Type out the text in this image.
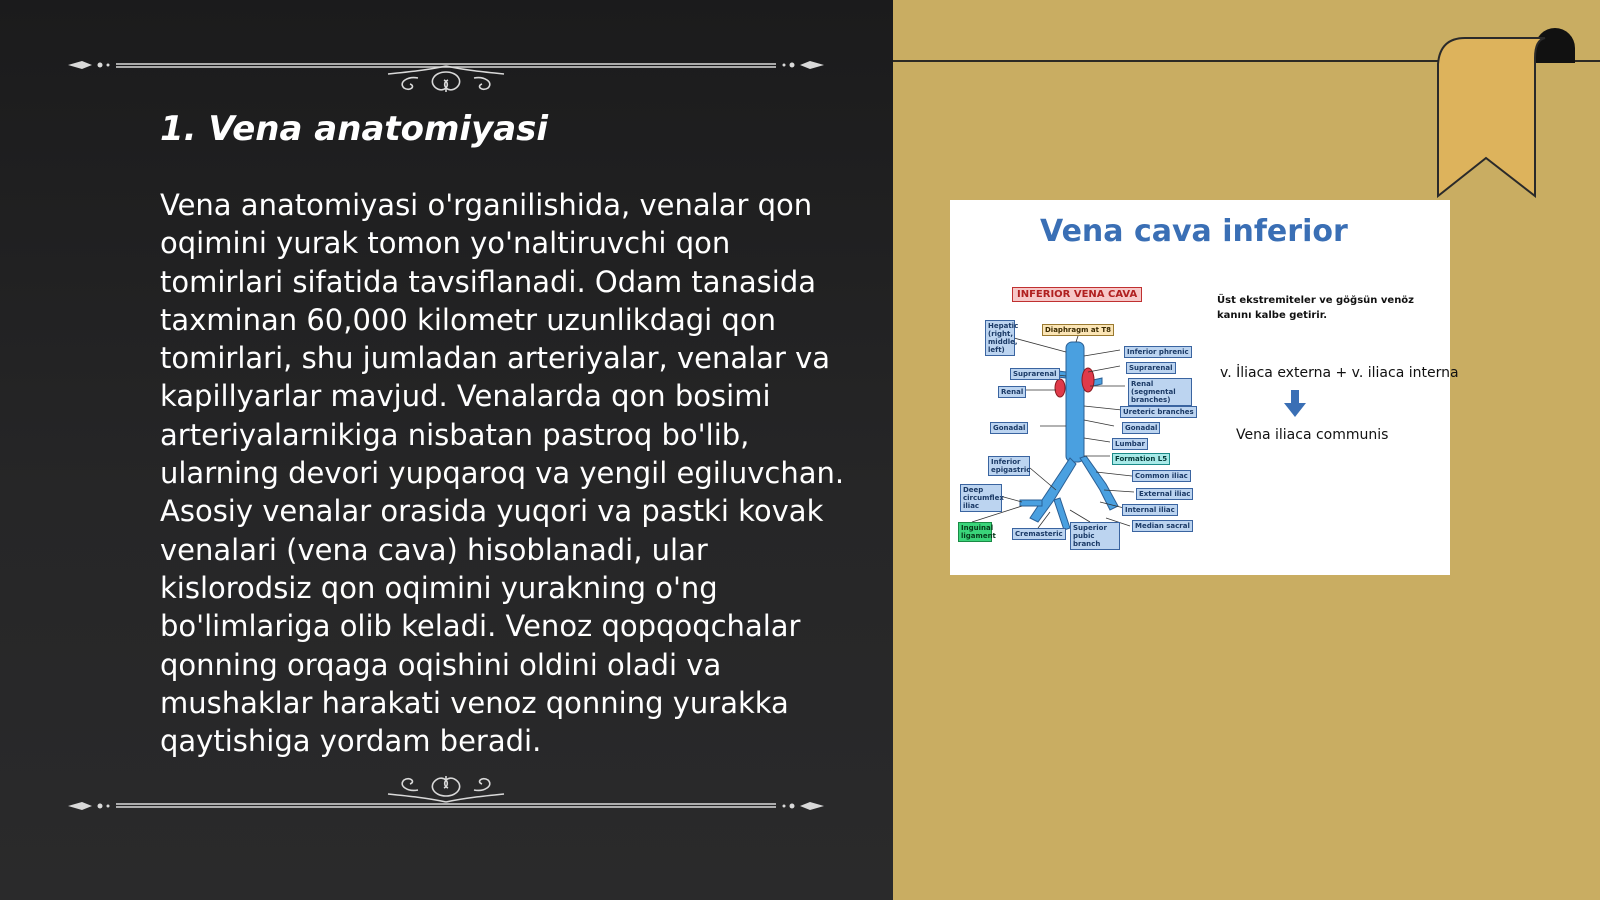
1. Vena anatomiyasi

Vena anatomiyasi o'rganilishida, venalar qon oqimini yurak tomon yo'naltiruvchi qon tomirlari sifatida tavsiflanadi. Odam tanasida taxminan 60,000 kilometr uzunlikdagi qon tomirlari, shu jumladan arteriyalar, venalar va kapillyarlar mavjud. Venalarda qon bosimi arteriyalarnikiga nisbatan pastroq bo'lib, ularning devori yupqaroq va yengil egiluvchan. Asosiy venalar orasida yuqori va pastki kovak venalari (vena cava) hisoblanadi, ular kislorodsiz qon oqimini yurakning o'ng bo'limlariga olib keladi. Venoz qopqoqchalar qonning orqaga oqishini oldini oladi va mushaklar harakati venoz qonning yurakka qaytishiga yordam beradi.

Vena cava inferior
INFERIOR VENA CAVA
Hepatic (right, middle, left)
Diaphragm at T8
Inferior phrenic
Suprarenal
Suprarenal
Renal (segmental branches)
Renal
Ureteric branches
Gonadal
Gonadal
Lumbar
Formation L5
Inferior epigastric
Common iliac
Deep circumflex iliac
External iliac
Internal iliac
Inguinal ligament	Cremasteric
Superior pubic branch
Median sacral
Üst ekstremiteler ve göğsün venöz kanını kalbe getirir.
v. İliaca externa + v. iliaca interna
Vena iliaca communis
